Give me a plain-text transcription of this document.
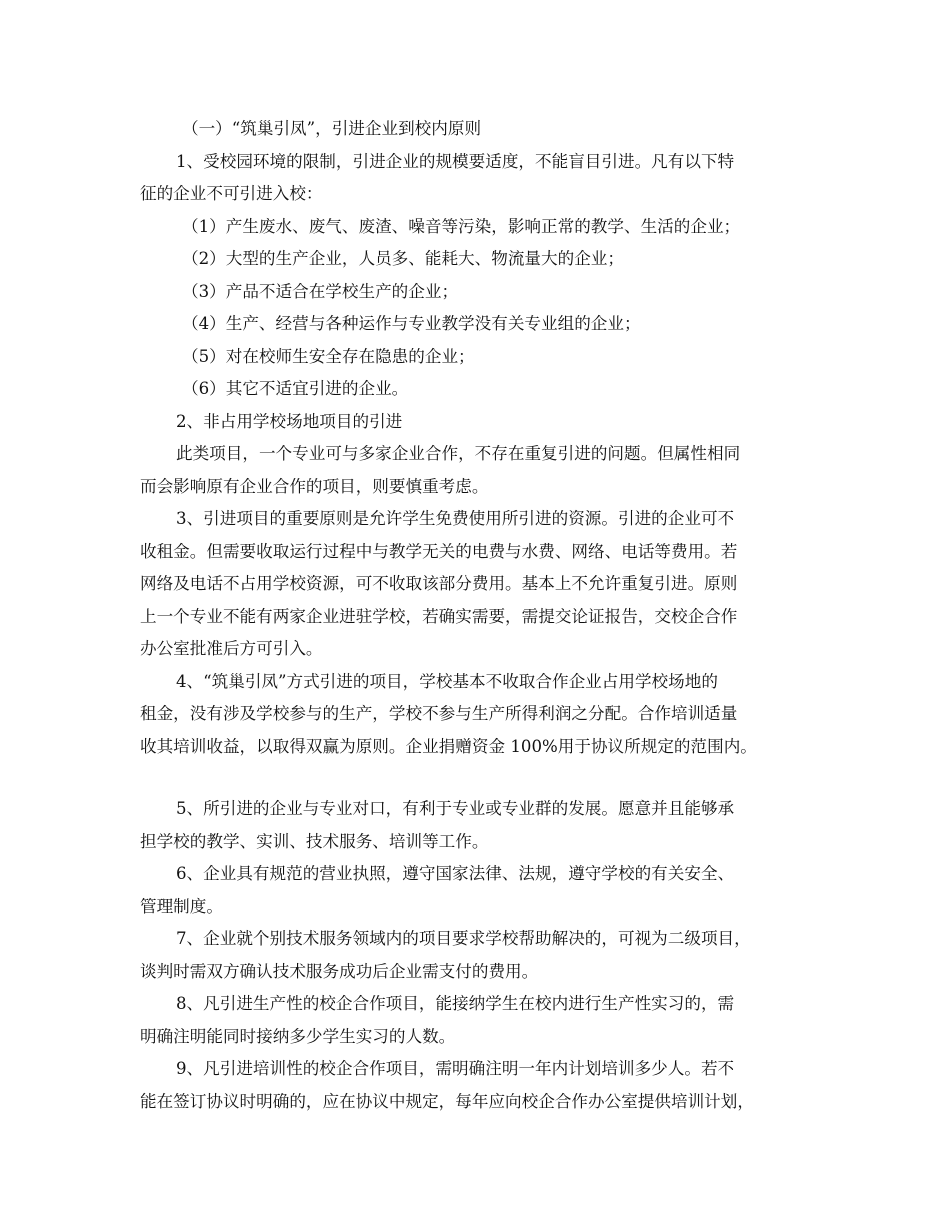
（一）“筑巢引凤”，引进企业到校内原则
1、受校园环境的限制，引进企业的规模要适度，不能盲目引进。凡有以下特
征的企业不可引进入校：
（1）产生废水、废气、废渣、噪音等污染，影响正常的教学、生活的企业；
（2）大型的生产企业，人员多、能耗大、物流量大的企业；
（3）产品不适合在学校生产的企业；
（4）生产、经营与各种运作与专业教学没有关专业组的企业；
（5）对在校师生安全存在隐患的企业；
（6）其它不适宜引进的企业。
2、非占用学校场地项目的引进
此类项目，一个专业可与多家企业合作，不存在重复引进的问题。但属性相同
而会影响原有企业合作的项目，则要慎重考虑。
3、引进项目的重要原则是允许学生免费使用所引进的资源。引进的企业可不
收租金。但需要收取运行过程中与教学无关的电费与水费、网络、电话等费用。若
网络及电话不占用学校资源，可不收取该部分费用。基本上不允许重复引进。原则
上一个专业不能有两家企业进驻学校，若确实需要，需提交论证报告，交校企合作
办公室批准后方可引入。
4、“筑巢引凤”方式引进的项目，学校基本不收取合作企业占用学校场地的
租金，没有涉及学校参与的生产，学校不参与生产所得利润之分配。合作培训适量
收其培训收益，以取得双赢为原则。企业捐赠资金 100%用于协议所规定的范围内。
5、所引进的企业与专业对口，有利于专业或专业群的发展。愿意并且能够承
担学校的教学、实训、技术服务、培训等工作。
6、企业具有规范的营业执照，遵守国家法律、法规，遵守学校的有关安全、
管理制度。
7、企业就个别技术服务领域内的项目要求学校帮助解决的，可视为二级项目，
谈判时需双方确认技术服务成功后企业需支付的费用。
8、凡引进生产性的校企合作项目，能接纳学生在校内进行生产性实习的，需
明确注明能同时接纳多少学生实习的人数。
9、凡引进培训性的校企合作项目，需明确注明一年内计划培训多少人。若不
能在签订协议时明确的，应在协议中规定，每年应向校企合作办公室提供培训计划，
